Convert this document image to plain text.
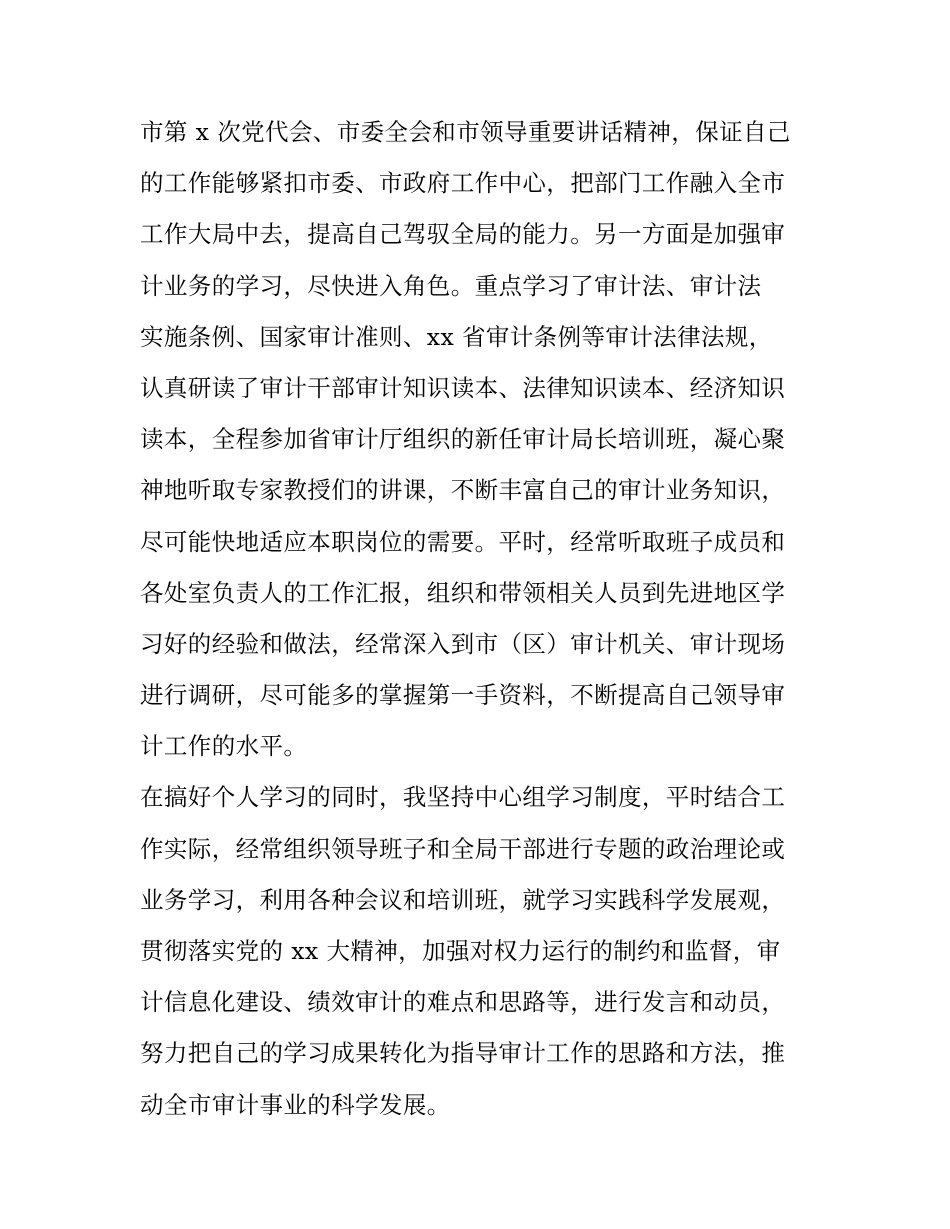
市第 x 次党代会、市委全会和市领导重要讲话精神，保证自己
的工作能够紧扣市委、市政府工作中心，把部门工作融入全市
工作大局中去，提高自己驾驭全局的能力。另一方面是加强审
计业务的学习，尽快进入角色。重点学习了审计法、审计法
实施条例、国家审计准则、xx 省审计条例等审计法律法规，
认真研读了审计干部审计知识读本、法律知识读本、经济知识
读本，全程参加省审计厅组织的新任审计局长培训班，凝心聚
神地听取专家教授们的讲课，不断丰富自己的审计业务知识，
尽可能快地适应本职岗位的需要。平时，经常听取班子成员和
各处室负责人的工作汇报，组织和带领相关人员到先进地区学
习好的经验和做法，经常深入到市（区）审计机关、审计现场
进行调研，尽可能多的掌握第一手资料，不断提高自己领导审
计工作的水平。
在搞好个人学习的同时，我坚持中心组学习制度，平时结合工
作实际，经常组织领导班子和全局干部进行专题的政治理论或
业务学习，利用各种会议和培训班，就学习实践科学发展观，
贯彻落实党的 xx 大精神，加强对权力运行的制约和监督，审
计信息化建设、绩效审计的难点和思路等，进行发言和动员，
努力把自己的学习成果转化为指导审计工作的思路和方法，推
动全市审计事业的科学发展。
